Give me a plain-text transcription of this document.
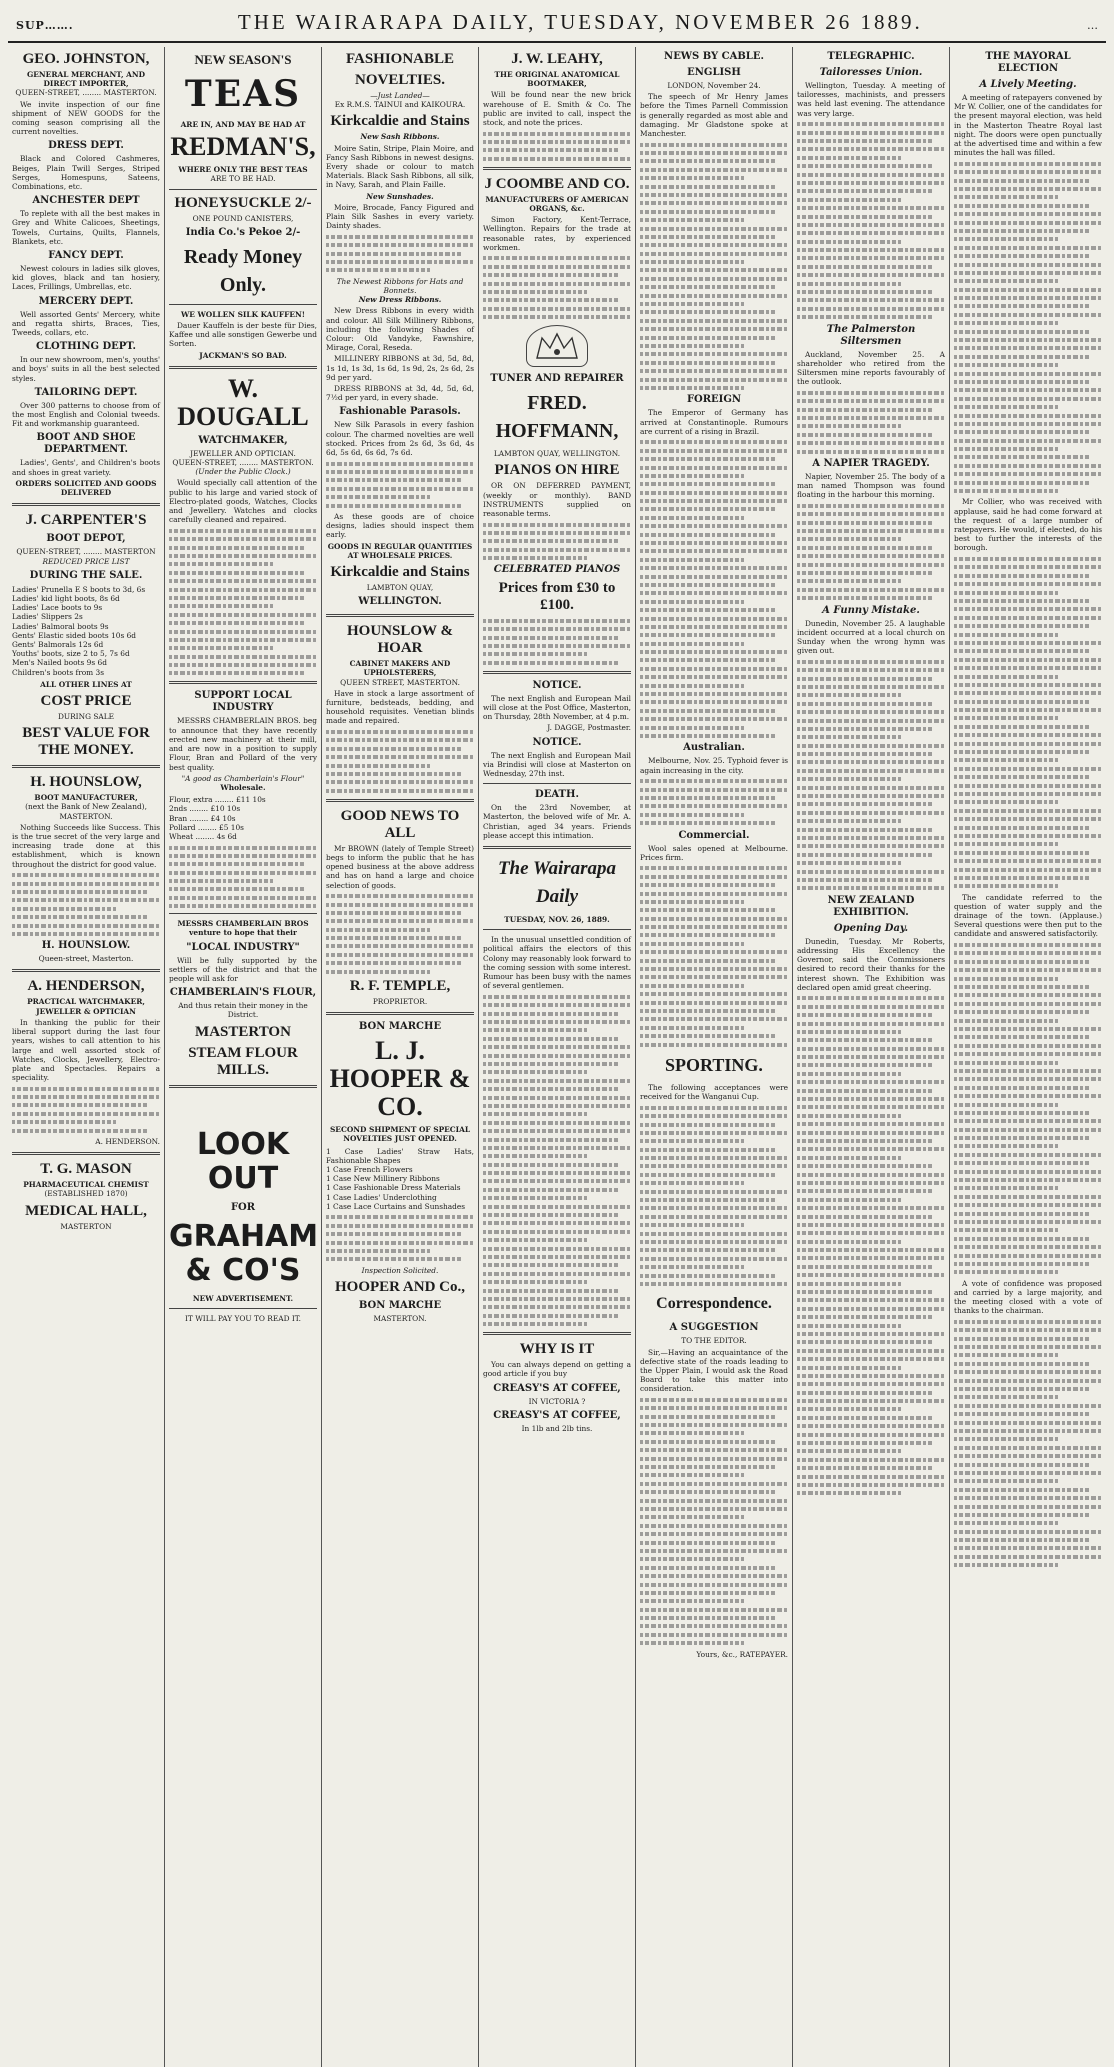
SUP…….	THE WAIRARAPA DAILY, TUESDAY, NOVEMBER 26 1889.	…
GEO. JOHNSTON,
GENERAL MERCHANT, AND DIRECT IMPORTER,
QUEEN-STREET, ........ MASTERTON.

We invite inspection of our fine shipment of NEW GOODS for the coming season comprising all the current novelties.

DRESS DEPT.

Black and Colored Cashmeres, Beiges, Plain Twill Serges, Striped Serges, Homespuns, Sateens, Combinations, etc.

ANCHESTER DEPT

To replete with all the best makes in Grey and White Calicoes, Sheetings, Towels, Curtains, Quilts, Flannels, Blankets, etc.

FANCY DEPT.

Newest colours in ladies silk gloves, kid gloves, black and tan hosiery, Laces, Frillings, Umbrellas, etc.

MERCERY DEPT.

Well assorted Gents' Mercery, white and regatta shirts, Braces, Ties, Tweeds, collars, etc.

CLOTHING DEPT.

In our new showroom, men's, youths' and boys' suits in all the best selected styles.

TAILORING DEPT.

Over 300 patterns to choose from of the most English and Colonial tweeds. Fit and workmanship guaranteed.

BOOT AND SHOE DEPARTMENT.

Ladies', Gents', and Children's boots and shoes in great variety.

ORDERS SOLICITED AND GOODS DELIVERED
J. CARPENTER'S
BOOT DEPOT,
QUEEN-STREET, ........ MASTERTON
REDUCED PRICE LIST
DURING THE SALE.
Ladies' Prunella E S boots to 3d, 6s
Ladies' kid light boots, 8s 6d
Ladies' Lace boots to 9s
Ladies' Slippers 2s
Ladies' Balmoral boots 9s
Gents' Elastic sided boots 10s 6d
Gents' Balmorals 12s 6d
Youths' boots, size 2 to 5, 7s 6d
Men's Nailed boots 9s 6d
Children's boots from 3s
ALL OTHER LINES AT
COST PRICE
DURING SALE
BEST VALUE FOR THE MONEY.
H. HOUNSLOW,
BOOT MANUFACTURER,
(next the Bank of New Zealand), MASTERTON.

Nothing Succeeds like Success. This is the true secret of the very large and increasing trade done at this establishment, which is known throughout the district for good value.

H. HOUNSLOW.
Queen-street, Masterton.
A. HENDERSON,
PRACTICAL WATCHMAKER, JEWELLER & OPTICIAN

In thanking the public for their liberal support during the last four years, wishes to call attention to his large and well assorted stock of Watches, Clocks, Jewellery, Electro-plate and Spectacles. Repairs a speciality.

A. HENDERSON.
T. G. MASON
PHARMACEUTICAL CHEMIST
(ESTABLISHED 1870)
MEDICAL HALL,
MASTERTON
NEW SEASON'S
TEAS
ARE IN, AND MAY BE HAD AT
REDMAN'S,
WHERE ONLY THE BEST TEAS
ARE TO BE HAD.
HONEYSUCKLE 2/-
ONE POUND CANISTERS,
India Co.'s Pekoe 2/-
Ready Money Only.
WE WOLLEN SILK KAUFFEN!

Dauer Kauffeln is der beste für Dies, Kaffee und alle sonstigen Gewerbe und Sorten.

JACKMAN'S SO BAD.
W. DOUGALL
WATCHMAKER,
JEWELLER AND OPTICIAN.
QUEEN-STREET, ........ MASTERTON.
(Under the Public Clock.)

Would specially call attention of the public to his large and varied stock of Electro-plated goods, Watches, Clocks and Jewellery. Watches and clocks carefully cleaned and repaired.

SUPPORT LOCAL INDUSTRY

MESSRS CHAMBERLAIN BROS. beg to announce that they have recently erected new machinery at their mill, and are now in a position to supply Flour, Bran and Pollard of the very best quality.

"A good as Chamberlain's Flour"
Wholesale.
Flour, extra ........ £11 10s
2nds ........ £10 10s
Bran ........ £4 10s
Pollard ........ £5 10s
Wheat ........ 4s 6d
MESSRS CHAMBERLAIN BROS venture to hope that their
"LOCAL INDUSTRY"

Will be fully supported by the settlers of the district and that the people will ask for

CHAMBERLAIN'S FLOUR,
And thus retain their money in the District.
MASTERTON
STEAM FLOUR MILLS.
LOOK OUT
FOR
GRAHAM & CO'S
NEW ADVERTISEMENT.
IT WILL PAY YOU TO READ IT.
FASHIONABLE
NOVELTIES.
—Just Landed—
Ex R.M.S. TAINUI and KAIKOURA.
Kirkcaldie and Stains
New Sash Ribbons.

Moire Satin, Stripe, Plain Moire, and Fancy Sash Ribbons in newest designs. Every shade or colour to match Materials. Black Sash Ribbons, all silk, in Navy, Sarah, and Plain Faille.

New Sunshades.

Moire, Brocade, Fancy Figured and Plain Silk Sashes in every variety. Dainty shades.

The Newest Ribbons for Hats and Bonnets.
New Dress Ribbons.

New Dress Ribbons in every width and colour. All Silk Millinery Ribbons, including the following Shades of Colour: Old Vandyke, Fawnshire, Mirage, Coral, Reseda.

MILLINERY RIBBONS at 3d, 5d, 8d, 1s 1d, 1s 3d, 1s 6d, 1s 9d, 2s, 2s 6d, 2s 9d per yard.

DRESS RIBBONS at 3d, 4d, 5d, 6d, 7½d per yard, in every shade.

Fashionable Parasols.

New Silk Parasols in every fashion colour. The charmed novelties are well stocked. Prices from 2s 6d, 3s 6d, 4s 6d, 5s 6d, 6s 6d, 7s 6d.

As these goods are of choice designs, ladies should inspect them early.

GOODS IN REGULAR QUANTITIES AT WHOLESALE PRICES.
Kirkcaldie and Stains
LAMBTON QUAY,
WELLINGTON.
HOUNSLOW & HOAR
CABINET MAKERS AND UPHOLSTERERS,
QUEEN STREET, MASTERTON.

Have in stock a large assortment of furniture, bedsteads, bedding, and household requisites. Venetian blinds made and repaired.

GOOD NEWS TO ALL

Mr BROWN (lately of Temple Street) begs to inform the public that he has opened business at the above address and has on hand a large and choice selection of goods.

R. F. TEMPLE,
PROPRIETOR.
BON MARCHE
L. J. HOOPER & CO.
SECOND SHIPMENT OF SPECIAL NOVELTIES JUST OPENED.
1 Case Ladies' Straw Hats, Fashionable Shapes
1 Case French Flowers
1 Case New Millinery Ribbons
1 Case Fashionable Dress Materials
1 Case Ladies' Underclothing
1 Case Lace Curtains and Sunshades
Inspection Solicited.
HOOPER AND Co.,
BON MARCHE
MASTERTON.
J. W. LEAHY,
THE ORIGINAL ANATOMICAL BOOTMAKER,

Will be found near the new brick warehouse of E. Smith & Co. The public are invited to call, inspect the stock, and note the prices.

J COOMBE AND CO.
MANUFACTURERS OF AMERICAN ORGANS, &c.

Simon Factory, Kent-Terrace, Wellington. Repairs for the trade at reasonable rates, by experienced workmen.

TUNER AND REPAIRER
FRED. HOFFMANN,
LAMBTON QUAY, WELLINGTON.
PIANOS ON HIRE

OR ON DEFERRED PAYMENT, (weekly or monthly). BAND INSTRUMENTS supplied on reasonable terms.

CELEBRATED PIANOS
Prices from £30 to £100.
NOTICE.

The next English and European Mail will close at the Post Office, Masterton, on Thursday, 28th November, at 4 p.m.

J. DAGGE, Postmaster.
NOTICE.

The next English and European Mail via Brindisi will close at Masterton on Wednesday, 27th inst.

DEATH.

On the 23rd November, at Masterton, the beloved wife of Mr. A. Christian, aged 34 years. Friends please accept this intimation.

The Wairarapa Daily
TUESDAY, NOV. 26, 1889.

In the unusual unsettled condition of political affairs the electors of this Colony may reasonably look forward to the coming session with some interest. Rumour has been busy with the names of several gentlemen.

WHY IS IT

You can always depend on getting a good article if you buy

CREASY'S AT COFFEE,
IN VICTORIA ?
CREASY'S AT COFFEE,
In 1lb and 2lb tins.
NEWS BY CABLE.
ENGLISH
LONDON, November 24.

The speech of Mr Henry James before the Times Parnell Commission is generally regarded as most able and damaging. Mr Gladstone spoke at Manchester.

FOREIGN

The Emperor of Germany has arrived at Constantinople. Rumours are current of a rising in Brazil.

Australian.

Melbourne, Nov. 25. Typhoid fever is again increasing in the city.

Commercial.

Wool sales opened at Melbourne. Prices firm.

SPORTING.

The following acceptances were received for the Wanganui Cup.

Correspondence.
A SUGGESTION
TO THE EDITOR.

Sir,—Having an acquaintance of the defective state of the roads leading to the Upper Plain, I would ask the Road Board to take this matter into consideration.

Yours, &c., RATEPAYER.
TELEGRAPHIC.
Tailoresses Union.

Wellington, Tuesday. A meeting of tailoresses, machinists, and pressers was held last evening. The attendance was very large.

The Palmerston Siltersmen

Auckland, November 25. A shareholder who retired from the Siltersmen mine reports favourably of the outlook.

A NAPIER TRAGEDY.

Napier, November 25. The body of a man named Thompson was found floating in the harbour this morning.

A Funny Mistake.

Dunedin, November 25. A laughable incident occurred at a local church on Sunday when the wrong hymn was given out.

NEW ZEALAND EXHIBITION.
Opening Day.

Dunedin, Tuesday. Mr Roberts, addressing His Excellency the Governor, said the Commissioners desired to record their thanks for the interest shown. The Exhibition was declared open amid great cheering.

THE MAYORAL ELECTION
A Lively Meeting.

A meeting of ratepayers convened by Mr W. Collier, one of the candidates for the present mayoral election, was held in the Masterton Theatre Royal last night. The doors were open punctually at the advertised time and within a few minutes the hall was filled.

Mr Collier, who was received with applause, said he had come forward at the request of a large number of ratepayers. He would, if elected, do his best to further the interests of the borough.

The candidate referred to the question of water supply and the drainage of the town. (Applause.) Several questions were then put to the candidate and answered satisfactorily.

A vote of confidence was proposed and carried by a large majority, and the meeting closed with a vote of thanks to the chairman.
